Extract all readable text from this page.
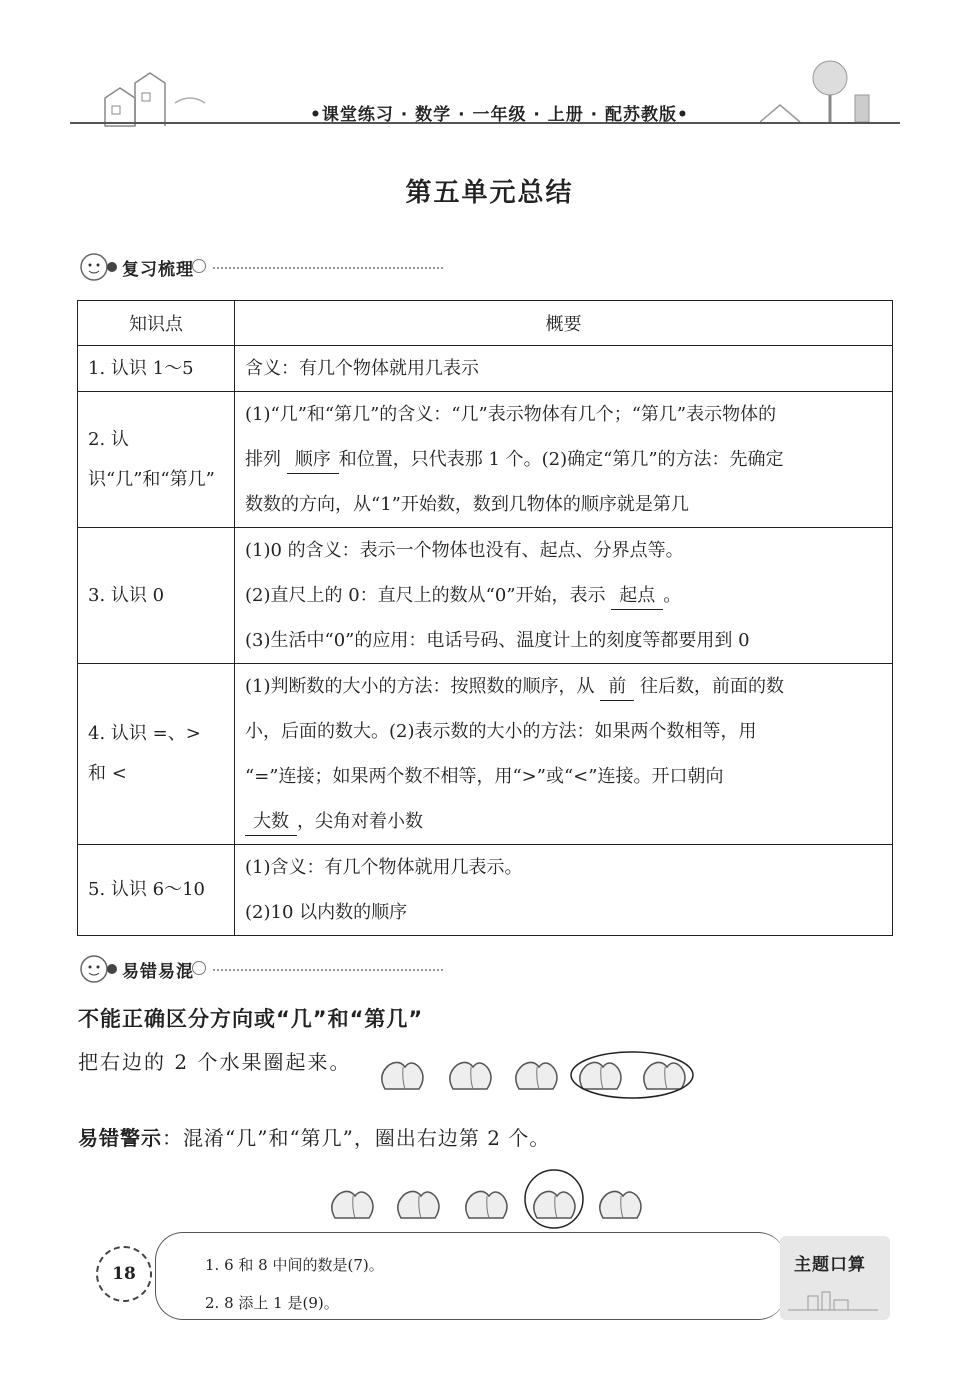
•课堂练习 · 数学 · 一年级 · 上册 · 配苏教版•
第五单元总结
复习梳理
知识点	概要
1. 认识 1～5	含义：有几个物体就用几表示
2. 认识“几”和“第几”	(1)“几”和“第几”的含义：“几”表示物体有几个；“第几”表示物体的
排列 顺序 和位置，只代表那 1 个。(2)确定“第几”的方法：先确定
数数的方向，从“1”开始数，数到几物体的顺序就是第几

3. 认识 0	(1)0 的含义：表示一个物体也没有、起点、分界点等。
(2)直尺上的 0：直尺上的数从“0”开始，表示 起点 。
(3)生活中“0”的应用：电话号码、温度计上的刻度等都要用到 0

4. 认识 =、> 和 <	(1)判断数的大小的方法：按照数的顺序，从 前 往后数，前面的数
小，后面的数大。(2)表示数的大小的方法：如果两个数相等，用
“=”连接；如果两个数不相等，用“>”或“<”连接。开口朝向
大数 ，尖角对着小数

5. 认识 6～10	(1)含义：有几个物体就用几表示。
(2)10 以内数的顺序
易错易混
不能正确区分方向或“几”和“第几”
把右边的 2 个水果圈起来。
易错警示：混淆“几”和“第几”，圈出右边第 2 个。
18	1. 6 和 8 中间的数是(7)。
2. 8 添上 1 是(9)。
主题口算
